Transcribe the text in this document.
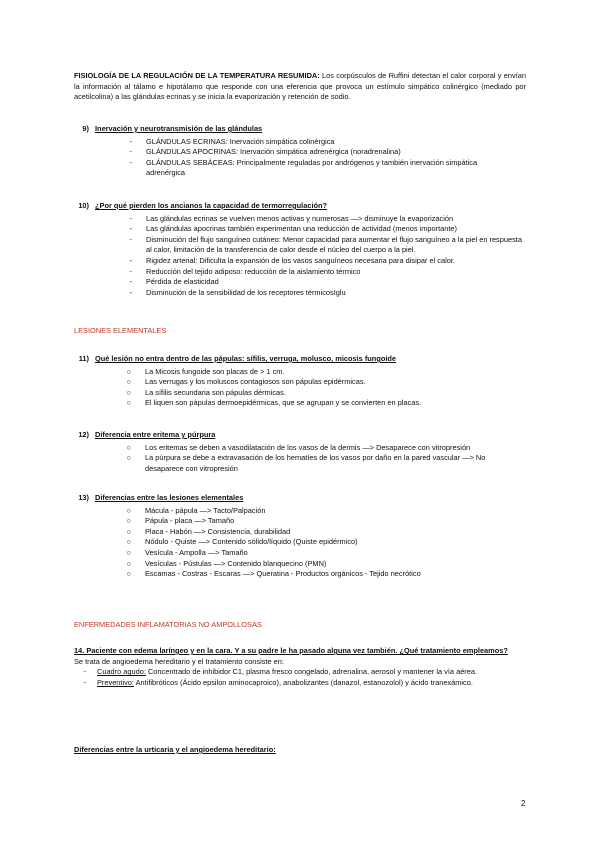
FISIOLOGÍA DE LA REGULACIÓN DE LA TEMPERATURA RESUMIDA: Los corpúsculos de Ruffini detectan el calor corporal y envían la información al tálamo e hipotálamo que responde con una eferencia que provoca un estímulo simpático colinérgico (mediado por acetilcolina) a las glándulas ecrinas y se inicia la evaporización y retención de sodio.
9) Inervación y neurotransmisión de las glándulas
-	GLÁNDULAS ECRINAS: Inervación simpática colinérgica
-	GLÁNDULAS APOCRINAS: Inervación simpática adrenérgica (noradrenalina)
-	GLÁNDULAS SEBÁCEAS: Principalmente reguladas por andrógenos y también inervación simpática adrenérgica
10) ¿Por qué pierden los ancianos la capacidad de termorregulación?
-	Las glándulas ecrinas se vuelven menos activas y numerosas —> disminuye la evaporización
-	Las glándulas apocrinas también experimentan una reducción de actividad (menos importante)
-	Disminución del flujo sanguíneo cutáneo: Menor capacidad para aumentar el flujo sanguíneo a la piel en respuesta al calor, limitación de la transferencia de calor desde el núcleo del cuerpo a la piel.
-	Rigidez arterial: Dificulta la expansión de los vasos sanguíneos necesaria para disipar el calor.
-	Reducción del tejido adiposo: reducción de la aislamiento térmico
-	Pérdida de elasticidad
-	Disminución de la sensibilidad de los receptores térmicosIglu
LESIONES ELEMENTALES
11) Qué lesión no entra dentro de las pápulas: sífilis, verruga, molusco, micosis fungoide
○	La Micosis fungoide son placas de > 1 cm.
○	Las verrugas y los moluscos contagiosos son pápulas epidérmicas.
○	La sífilis secundaria son pápulas dérmicas.
○	El liquen son pápulas dermoepidérmicas, que se agrupan y se convierten en placas.
12) Diferencia entre eritema y púrpura
○	Los eritemas se deben a vasodilatación de los vasos de la dermis —> Desaparece con vitropresión
○	La púrpura se debe a extravasación de los hematíes de los vasos por daño en la pared vascular —> No desaparece con vitropresión
13) Diferencias entre las lesiones elementales
○	Mácula - pápula —> Tacto/Palpación
○	Pápula - placa —> Tamaño
○	Placa - Habón —> Consistencia, durabilidad
○	Nódulo - Quiste —> Contenido sólido/líquido (Quiste epidérmico)
○	Vesícula - Ampolla —> Tamaño
○	Vesículas - Pústulas —> Contenido blanquecino (PMN)
○	Escamas - Costras - Escaras —> Queratina - Productos orgánicos - Tejido necrótico
ENFERMEDADES INFLAMATORIAS NO AMPOLLOSAS
14. Paciente con edema laríngeo y en la cara. Y a su padre le ha pasado alguna vez también. ¿Qué tratamiento empleamos?
Se trata de angioedema hereditario y el tratamiento consiste en:
-	Cuadro agudo: Concentrado de inhibidor C1, plasma fresco congelado, adrenalina, aerosol y mantener la vía aérea.
-	Preventivo: Antifibróticos (Ácido epsilon aminocaproico), anabolizantes (danazol, estanozolol) y ácido tranexámico.
Diferencias entre la urticaria y el angioedema hereditario:
2
